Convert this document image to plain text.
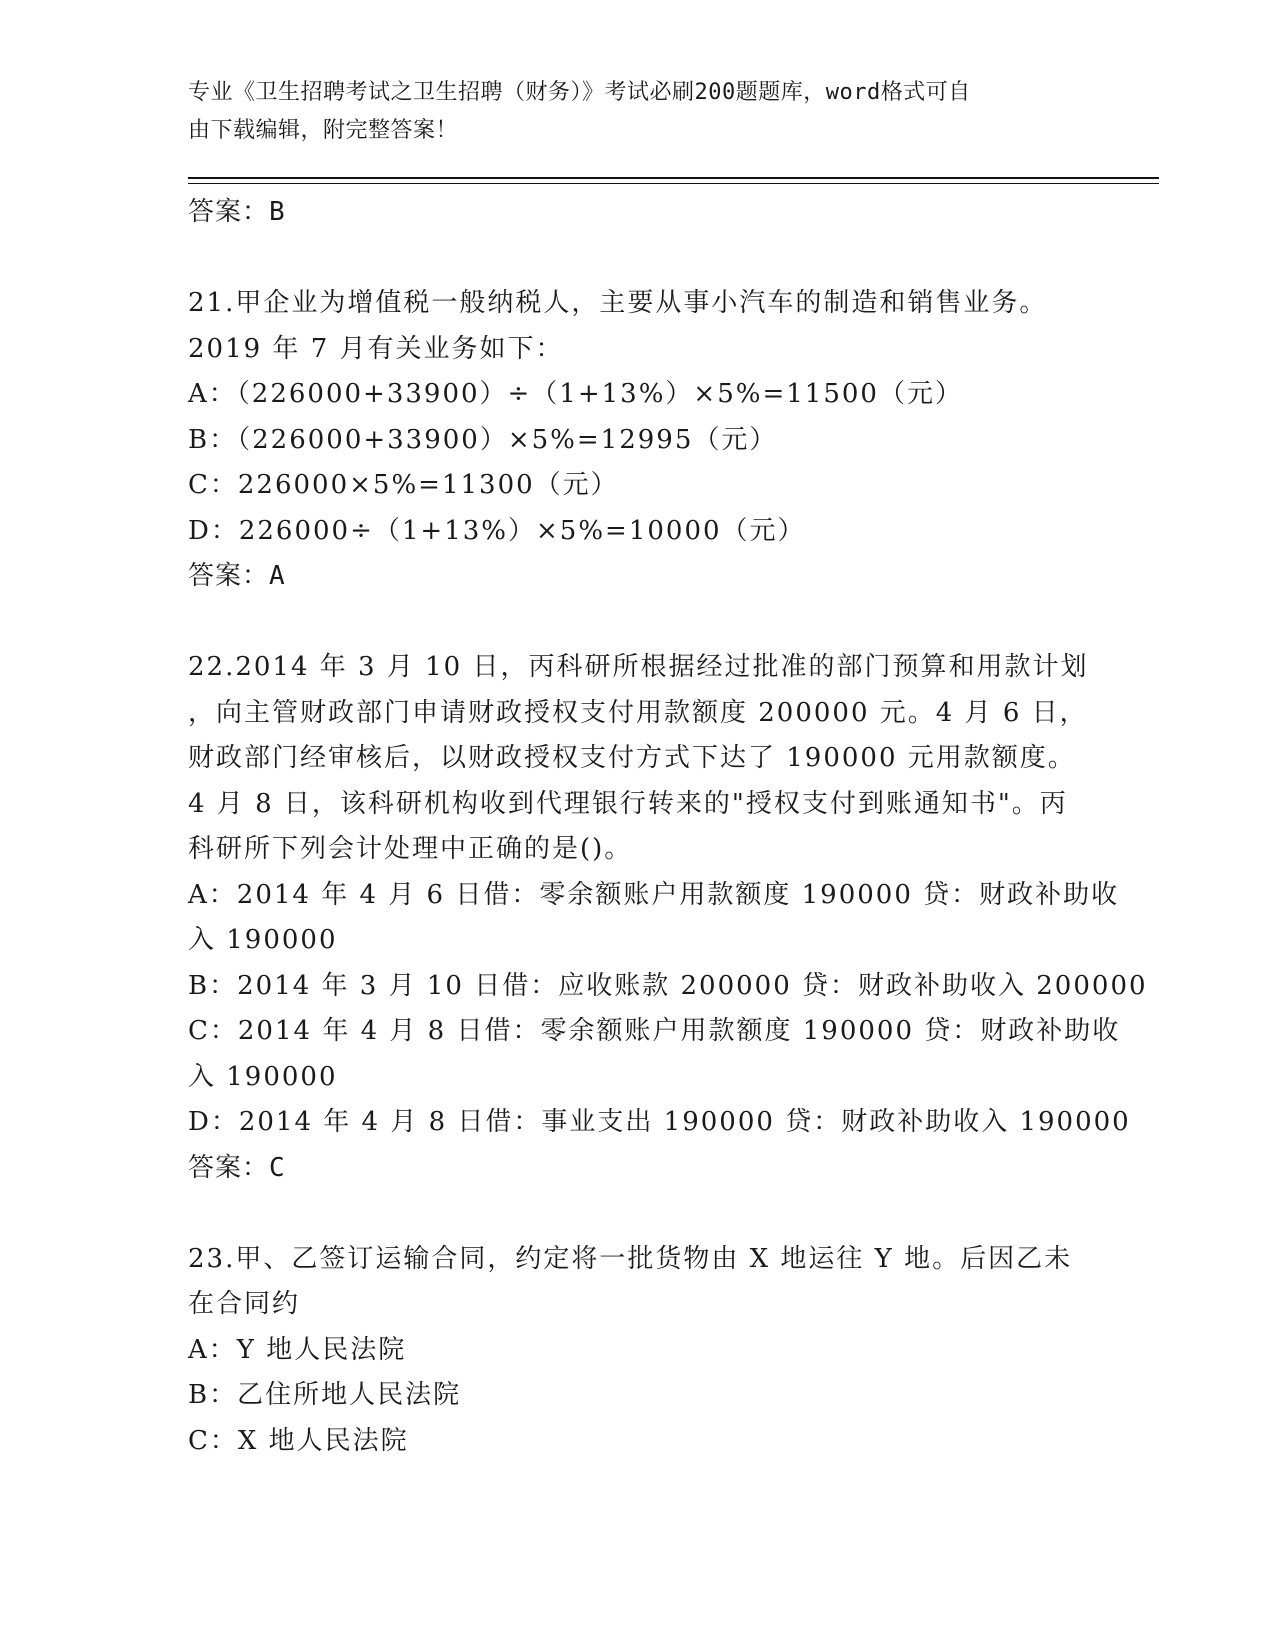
专业《卫生招聘考试之卫生招聘（财务）》考试必刷200题题库，word格式可自
由下载编辑，附完整答案！
答案：B
21.甲企业为增值税一般纳税人，主要从事小汽车的制造和销售业务。
2019 年 7 月有关业务如下：
A：（226000+33900）÷（1+13%）×5%=11500（元）
B：（226000+33900）×5%=12995（元）
C：226000×5%=11300（元）
D：226000÷（1+13%）×5%=10000（元）
答案：A
22.2014 年 3 月 10 日，丙科研所根据经过批准的部门预算和用款计划
，向主管财政部门申请财政授权支付用款额度 200000 元。4 月 6 日，
财政部门经审核后，以财政授权支付方式下达了 190000 元用款额度。
4 月 8 日，该科研机构收到代理银行转来的"授权支付到账通知书"。丙
科研所下列会计处理中正确的是()。
A：2014 年 4 月 6 日借：零余额账户用款额度 190000 贷：财政补助收
入 190000
B：2014 年 3 月 10 日借：应收账款 200000 贷：财政补助收入 200000
C：2014 年 4 月 8 日借：零余额账户用款额度 190000 贷：财政补助收
入 190000
D：2014 年 4 月 8 日借：事业支出 190000 贷：财政补助收入 190000
答案：C
23.甲、乙签订运输合同，约定将一批货物由 X 地运往 Y 地。后因乙未
在合同约
A：Y 地人民法院
B：乙住所地人民法院
C：X 地人民法院
